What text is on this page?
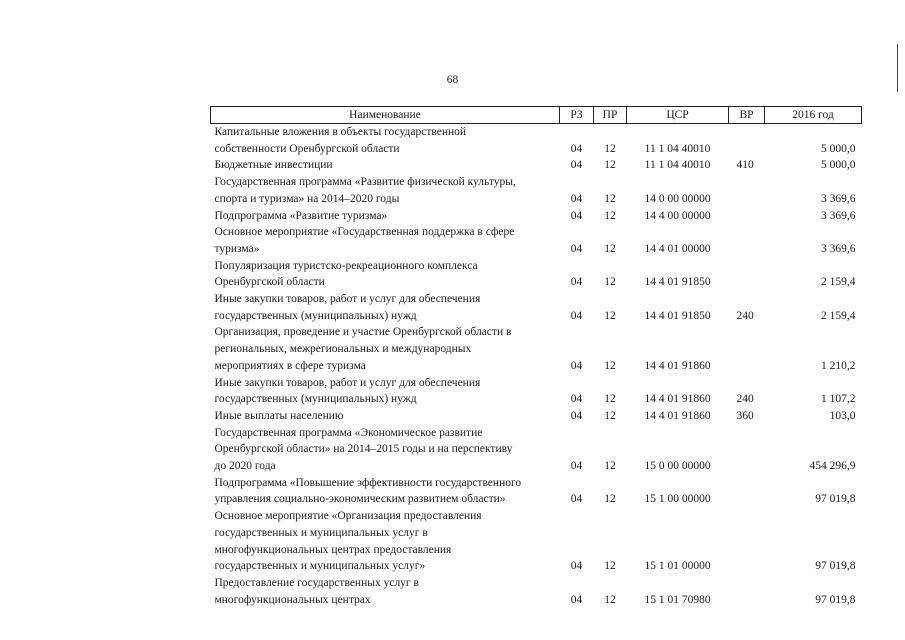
68
Наименование	РЗ	ПР	ЦСР	ВР	2016 год

Капитальные вложения в объекты государственной
собственности Оренбургской области	04	12	11 1 04 40010		5 000,0

Бюджетные инвестиции	04	12	11 1 04 40010	410	5 000,0

Государственная программа «Развитие физической культуры,
спорта и туризма» на 2014–2020 годы	04	12	14 0 00 00000		3 369,6

Подпрограмма «Развитие туризма»	04	12	14 4 00 00000		3 369,6

Основное мероприятие «Государственная поддержка в сфере
туризма»	04	12	14 4 01 00000		3 369,6

Популяризация туристско-рекреационного комплекса
Оренбургской области	04	12	14 4 01 91850		2 159,4

Иные закупки товаров, работ и услуг для обеспечения
государственных (муниципальных) нужд	04	12	14 4 01 91850	240	2 159,4

Организация, проведение и участие Оренбургской области в
региональных, межрегиональных и международных
мероприятиях в сфере туризма	04	12	14 4 01 91860		1 210,2

Иные закупки товаров, работ и услуг для обеспечения
государственных (муниципальных) нужд	04	12	14 4 01 91860	240	1 107,2

Иные выплаты населению	04	12	14 4 01 91860	360	103,0

Государственная программа «Экономическое развитие
Оренбургской области» на 2014–2015 годы и на перспективу
до 2020 года	04	12	15 0 00 00000		454 296,9

Подпрограмма «Повышение эффективности государственного
управления социально-экономическим развитием области»	04	12	15 1 00 00000		97 019,8

Основное мероприятие «Организация предоставления
государственных и муниципальных услуг в
многофункциональных центрах предоставления
государственных и муниципальных услуг»	04	12	15 1 01 00000		97 019,8

Предоставление государственных услуг в
многофункциональных центрах	04	12	15 1 01 70980		97 019,8
